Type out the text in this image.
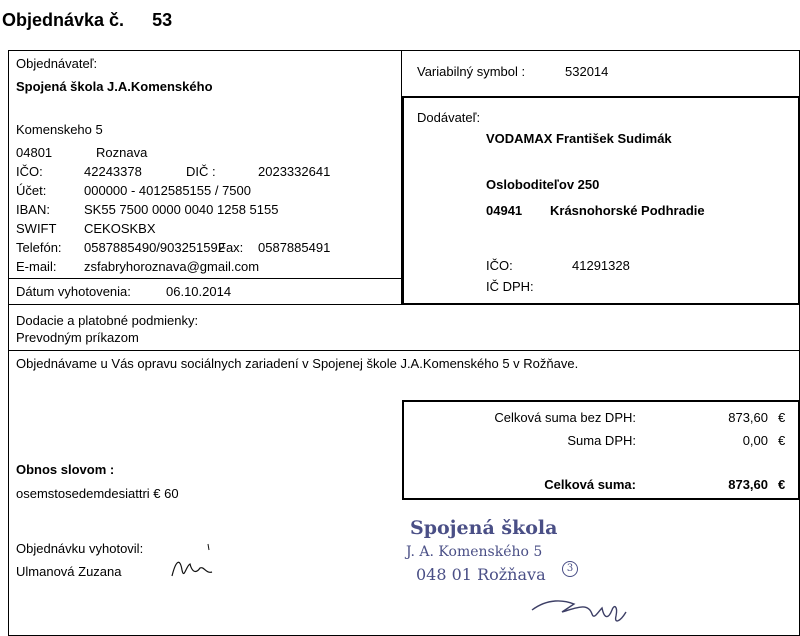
Objednávka č. 53
Objednávateľ:
Spojená škola J.A.Komenského
Komenskeho 5
04801	Roznava
IČO:	42243378	DIČ :	2023332641
Účet:	000000 - 4012585155 / 7500
IBAN:	SK55 7500 0000 0040 1258 5155
SWIFT CEKOSKBX
Telefón: 0587885490/903251592
Fax: 0587885491
E-mail: zsfabryhoroznava@gmail.com
Dátum vyhotovenia:	06.10.2014
Variabilný symbol :	532014
Dodávateľ:
VODAMAX František Sudimák
Osloboditeľov 250
04941 Krásnohorské Podhradie
IČO:	41291328
IČ DPH:
Dodacie a platobné podmienky:
Prevodným príkazom
Objednávame u Vás opravu sociálnych zariadení v Spojenej škole J.A.Komenského 5 v Rožňave.
Celková suma bez DPH:	873,60 €
Suma DPH:	0,00 €
Celková suma:	873,60 €
Obnos slovom :
osemstosedemdesiattri € 60
Objednávku vyhotovil:
Ulmanová Zuzana
Spojená škola
J. A. Komenského 5
048 01 Rožňava	3
